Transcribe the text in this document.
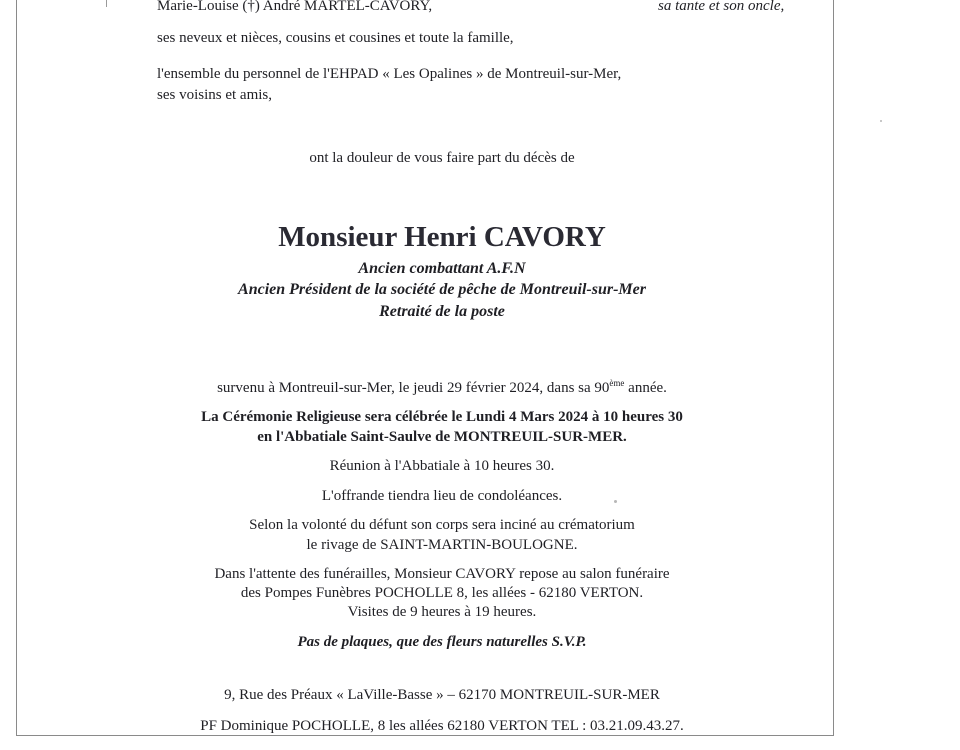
Marie-Louise (†) André MARTEL-CAVORY,	sa tante et son oncle,
ses neveux et nièces, cousins et cousines et toute la famille,
l'ensemble du personnel de l'EHPAD « Les Opalines » de Montreuil-sur-Mer,
ses voisins et amis,
ont la douleur de vous faire part du décès de
Monsieur Henri CAVORY
Ancien combattant A.F.N
Ancien Président de la société de pêche de Montreuil-sur-Mer
Retraité de la poste
survenu à Montreuil-sur-Mer, le jeudi 29 février 2024, dans sa 90ème année.
La Cérémonie Religieuse sera célébrée le Lundi 4 Mars 2024 à 10 heures 30
en l'Abbatiale Saint-Saulve de MONTREUIL-SUR-MER.
Réunion à l'Abbatiale à 10 heures 30.
L'offrande tiendra lieu de condoléances.
Selon la volonté du défunt son corps sera inciné au crématorium
le rivage de SAINT-MARTIN-BOULOGNE.
Dans l'attente des funérailles, Monsieur CAVORY repose au salon funéraire
des Pompes Funèbres POCHOLLE 8, les allées - 62180 VERTON.
Visites de 9 heures à 19 heures.
Pas de plaques, que des fleurs naturelles S.V.P.
9, Rue des Préaux « LaVille-Basse » – 62170 MONTREUIL-SUR-MER
PF Dominique POCHOLLE, 8 les allées 62180 VERTON TEL : 03.21.09.43.27.
